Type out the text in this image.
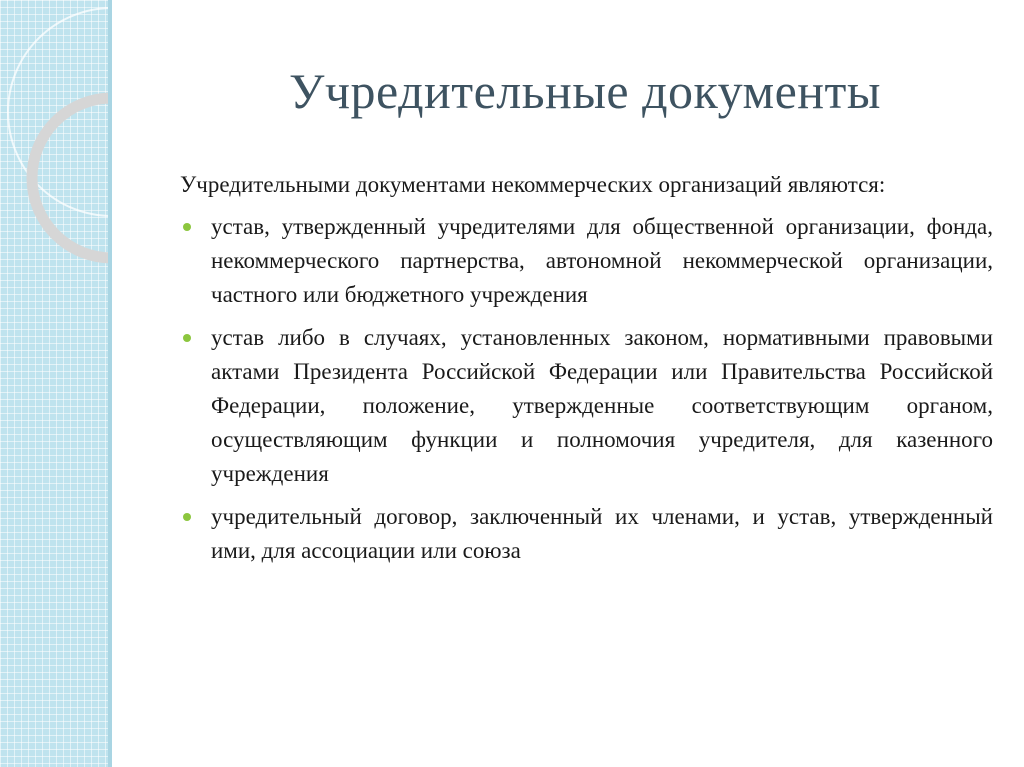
Учредительные документы

Учредительными документами некоммерческих организаций являются:

устав, утвержденный учредителями для общественной организации, фонда, некоммерческого партнерства, автономной некоммерческой организации, частного или бюджетного учреждения
устав либо в случаях, установленных законом, нормативными правовыми актами Президента Российской Федерации или Правительства Российской Федерации, положение, утвержденные соответствующим органом, осуществляющим функции и полномочия учредителя, для казенного учреждения
учредительный договор, заключенный их членами, и устав, утвержденный ими, для ассоциации или союза
